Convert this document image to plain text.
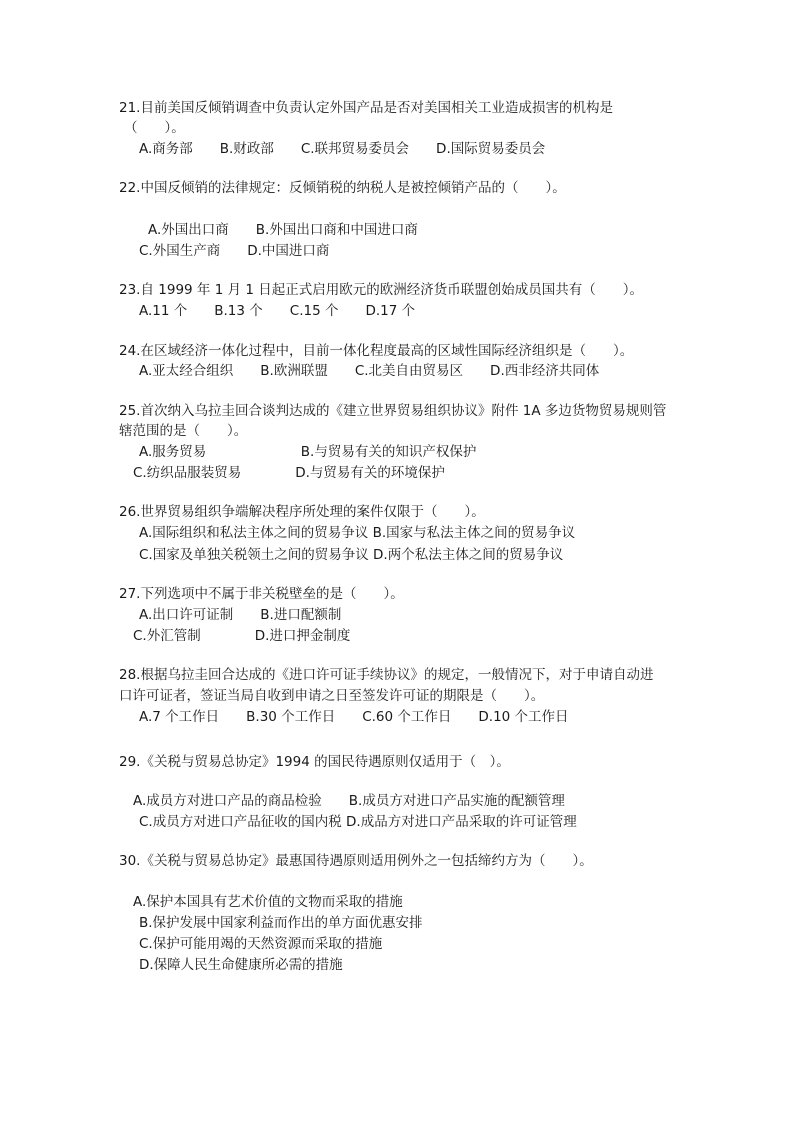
21.目前美国反倾销调查中负责认定外国产品是否对美国相关工业造成损害的机构是
（　　）。
A.商务部　　B.财政部　　C.联邦贸易委员会　　D.国际贸易委员会
22.中国反倾销的法律规定：反倾销税的纳税人是被控倾销产品的（　　）。
A.外国出口商　　B.外国出口商和中国进口商
C.外国生产商　　D.中国进口商
23.自 1999 年 1 月 1 日起正式启用欧元的欧洲经济货币联盟创始成员国共有（　　）。
A.11 个　　B.13 个　　C.15 个　　D.17 个
24.在区域经济一体化过程中，目前一体化程度最高的区域性国际经济组织是（　　）。
A.亚太经合组织　　B.欧洲联盟　　C.北美自由贸易区　　D.西非经济共同体
25.首次纳入乌拉圭回合谈判达成的《建立世界贸易组织协议》附件 1A 多边货物贸易规则管
辖范围的是（　　）。
A.服务贸易　　　　　　　B.与贸易有关的知识产权保护
C.纺织品服装贸易　　　　D.与贸易有关的环境保护
26.世界贸易组织争端解决程序所处理的案件仅限于（　　）。
A.国际组织和私法主体之间的贸易争议 B.国家与私法主体之间的贸易争议
C.国家及单独关税领土之间的贸易争议 D.两个私法主体之间的贸易争议
27.下列选项中不属于非关税壁垒的是（　　）。
A.出口许可证制　　B.进口配额制
C.外汇管制　　　　D.进口押金制度
28.根据乌拉圭回合达成的《进口许可证手续协议》的规定，一般情况下，对于申请自动进
口许可证者，签证当局自收到申请之日至签发许可证的期限是（　　）。
A.7 个工作日　　B.30 个工作日　　C.60 个工作日　　D.10 个工作日
29.《关税与贸易总协定》1994 的国民待遇原则仅适用于（　）。
A.成员方对进口产品的商品检验　　B.成员方对进口产品实施的配额管理
C.成员方对进口产品征收的国内税 D.成品方对进口产品采取的许可证管理
30.《关税与贸易总协定》最惠国待遇原则适用例外之一包括缔约方为（　　）。
A.保护本国具有艺术价值的文物而采取的措施
B.保护发展中国家利益而作出的单方面优惠安排
C.保护可能用竭的天然资源而采取的措施
D.保障人民生命健康所必需的措施
